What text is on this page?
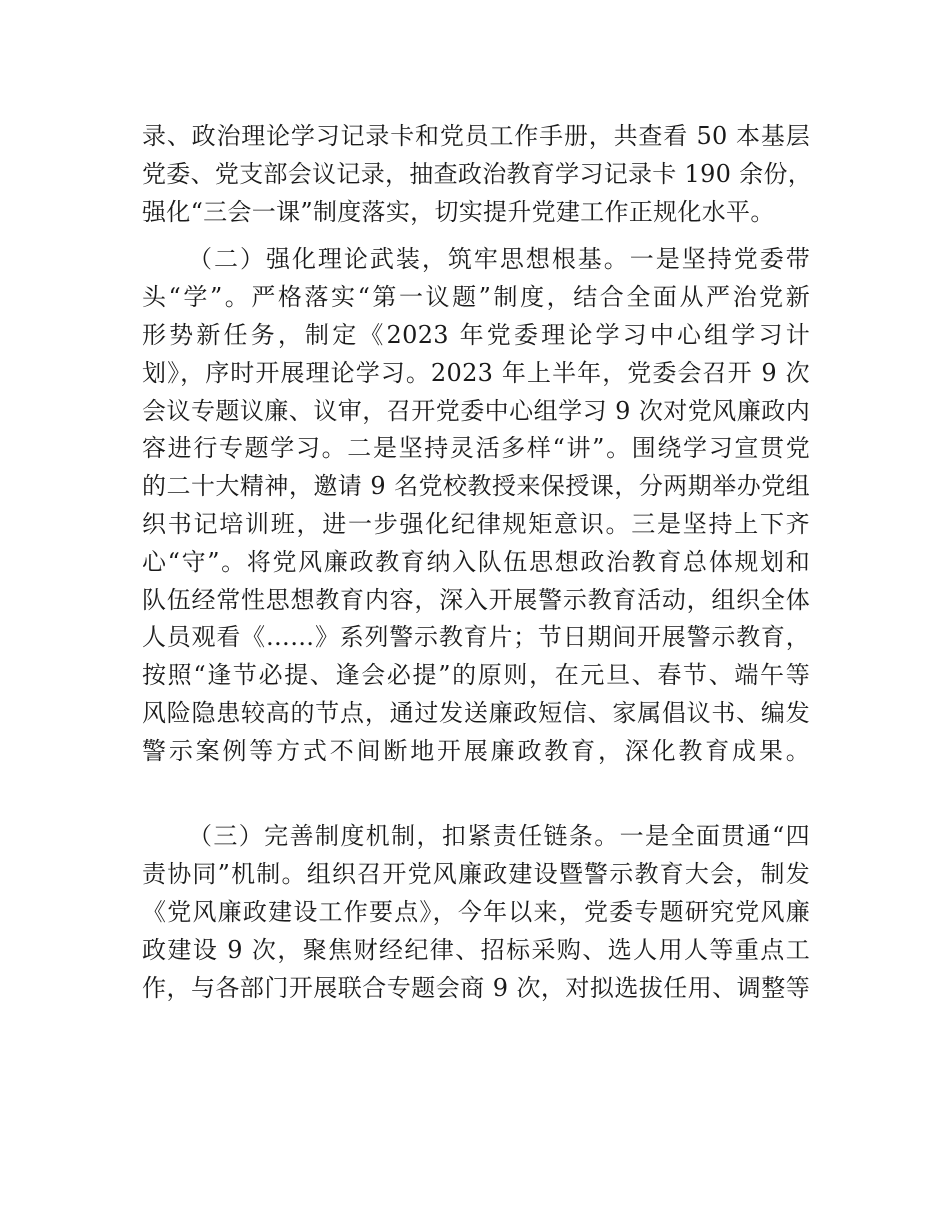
录、政治理论学习记录卡和党员工作手册，共查看 50 本基层
党委、党支部会议记录，抽查政治教育学习记录卡 190 余份，
强化“三会一课”制度落实，切实提升党建工作正规化水平。
（二）强化理论武装，筑牢思想根基。一是坚持党委带
头“学”。严格落实“第一议题”制度，结合全面从严治党新
形势新任务，制定《2023 年党委理论学习中心组学习计
划》，序时开展理论学习。2023 年上半年，党委会召开 9 次
会议专题议廉、议审，召开党委中心组学习 9 次对党风廉政内
容进行专题学习。二是坚持灵活多样“讲”。围绕学习宣贯党
的二十大精神，邀请 9 名党校教授来保授课，分两期举办党组
织书记培训班，进一步强化纪律规矩意识。三是坚持上下齐
心“守”。将党风廉政教育纳入队伍思想政治教育总体规划和
队伍经常性思想教育内容，深入开展警示教育活动，组织全体
人员观看《……》系列警示教育片；节日期间开展警示教育，
按照“逢节必提、逢会必提”的原则，在元旦、春节、端午等
风险隐患较高的节点，通过发送廉政短信、家属倡议书、编发
警示案例等方式不间断地开展廉政教育，深化教育成果。
（三）完善制度机制，扣紧责任链条。一是全面贯通“四
责协同”机制。组织召开党风廉政建设暨警示教育大会，制发
《党风廉政建设工作要点》，今年以来，党委专题研究党风廉
政建设 9 次，聚焦财经纪律、招标采购、选人用人等重点工
作，与各部门开展联合专题会商 9 次，对拟选拔任用、调整等
